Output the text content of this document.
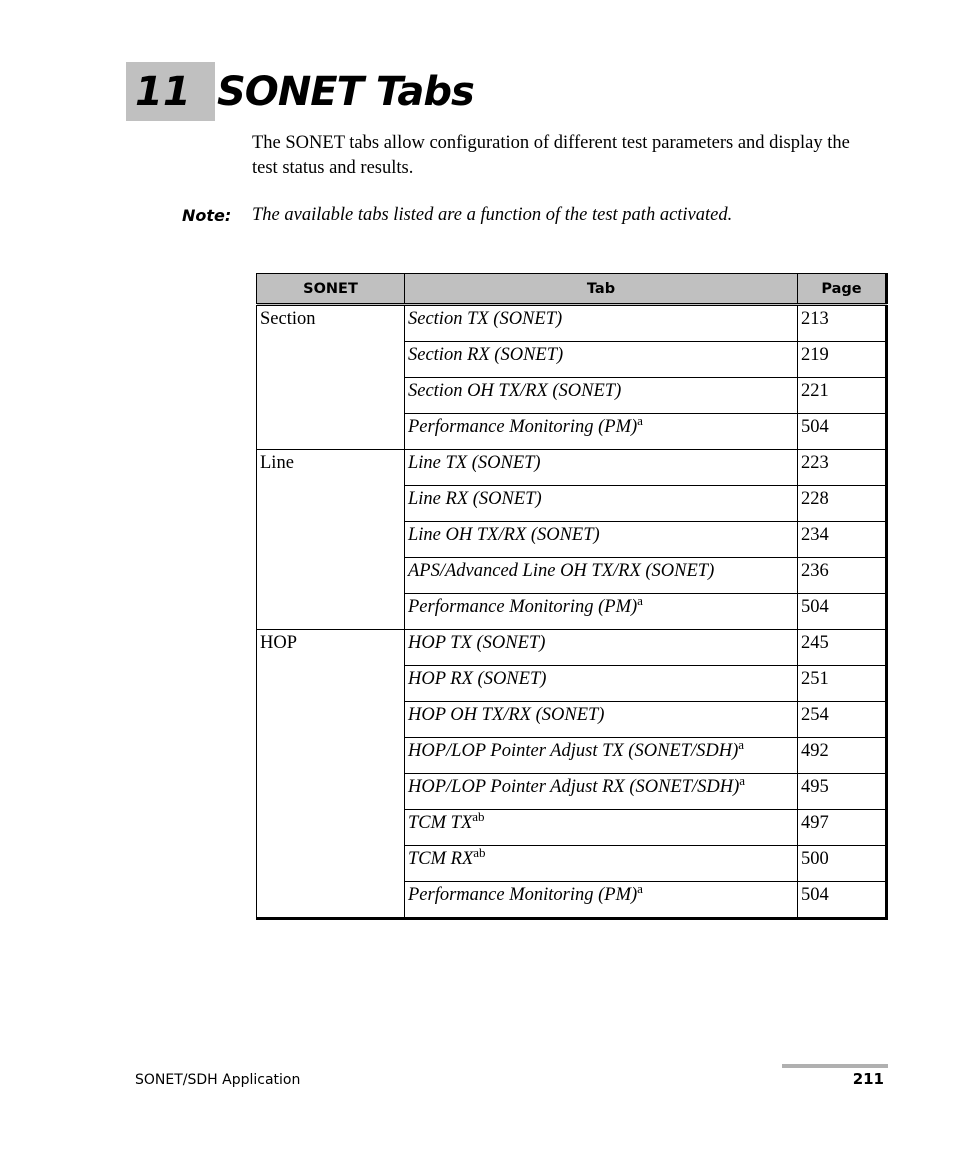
11 SONET Tabs

The SONET tabs allow configuration of different test parameters and display the test status and results.

Note: The available tabs listed are a function of the test path activated.
SONET	Tab	Page
Section	Section TX (SONET)	213
	Section RX (SONET)	219
	Section OH TX/RX (SONET)	221
	Performance Monitoring (PM)$^a$	504
Line	Line TX (SONET)	223
	Line RX (SONET)	228
	Line OH TX/RX (SONET)	234
	APS/Advanced Line OH TX/RX (SONET)	236
	Performance Monitoring (PM)$^a$	504
HOP	HOP TX (SONET)	245
	HOP RX (SONET)	251
	HOP OH TX/RX (SONET)	254
	HOP/LOP Pointer Adjust TX (SONET/SDH)$^a$	492
	HOP/LOP Pointer Adjust RX (SONET/SDH)$^a$	495
	TCM $TX^{ab}$	497
	TCM $RX^{ab}$	500
	Performance Monitoring (PM)$^a$	504
SONET/SDH Application	211
